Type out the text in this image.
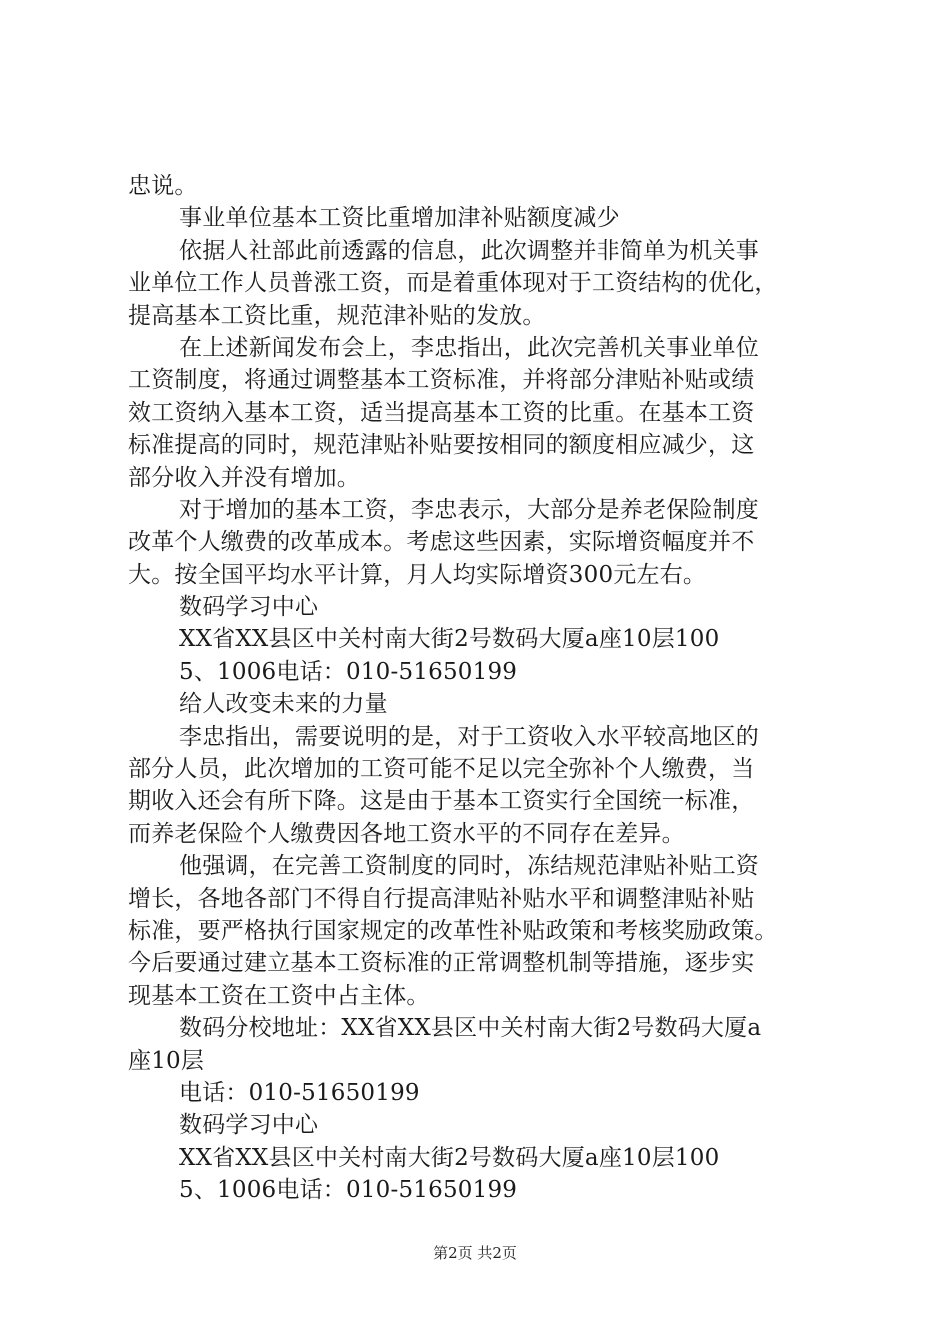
忠说。
事业单位基本工资比重增加津补贴额度减少
依据人社部此前透露的信息，此次调整并非简单为机关事
业单位工作人员普涨工资，而是着重体现对于工资结构的优化，
提高基本工资比重，规范津补贴的发放。
在上述新闻发布会上，李忠指出，此次完善机关事业单位
工资制度，将通过调整基本工资标准，并将部分津贴补贴或绩
效工资纳入基本工资，适当提高基本工资的比重。在基本工资
标准提高的同时，规范津贴补贴要按相同的额度相应减少，这
部分收入并没有增加。
对于增加的基本工资，李忠表示，大部分是养老保险制度
改革个人缴费的改革成本。考虑这些因素，实际增资幅度并不
大。按全国平均水平计算，月人均实际增资300元左右。
数码学习中心
XX省XX县区中关村南大街2号数码大厦a座10层100
5、1006电话：010-51650199
给人改变未来的力量
李忠指出，需要说明的是，对于工资收入水平较高地区的
部分人员，此次增加的工资可能不足以完全弥补个人缴费，当
期收入还会有所下降。这是由于基本工资实行全国统一标准，
而养老保险个人缴费因各地工资水平的不同存在差异。
他强调，在完善工资制度的同时，冻结规范津贴补贴工资
增长，各地各部门不得自行提高津贴补贴水平和调整津贴补贴
标准，要严格执行国家规定的改革性补贴政策和考核奖励政策。
今后要通过建立基本工资标准的正常调整机制等措施，逐步实
现基本工资在工资中占主体。
数码分校地址：XX省XX县区中关村南大街2号数码大厦a
座10层
电话：010-51650199
数码学习中心
XX省XX县区中关村南大街2号数码大厦a座10层100
5、1006电话：010-51650199
第2页 共2页
